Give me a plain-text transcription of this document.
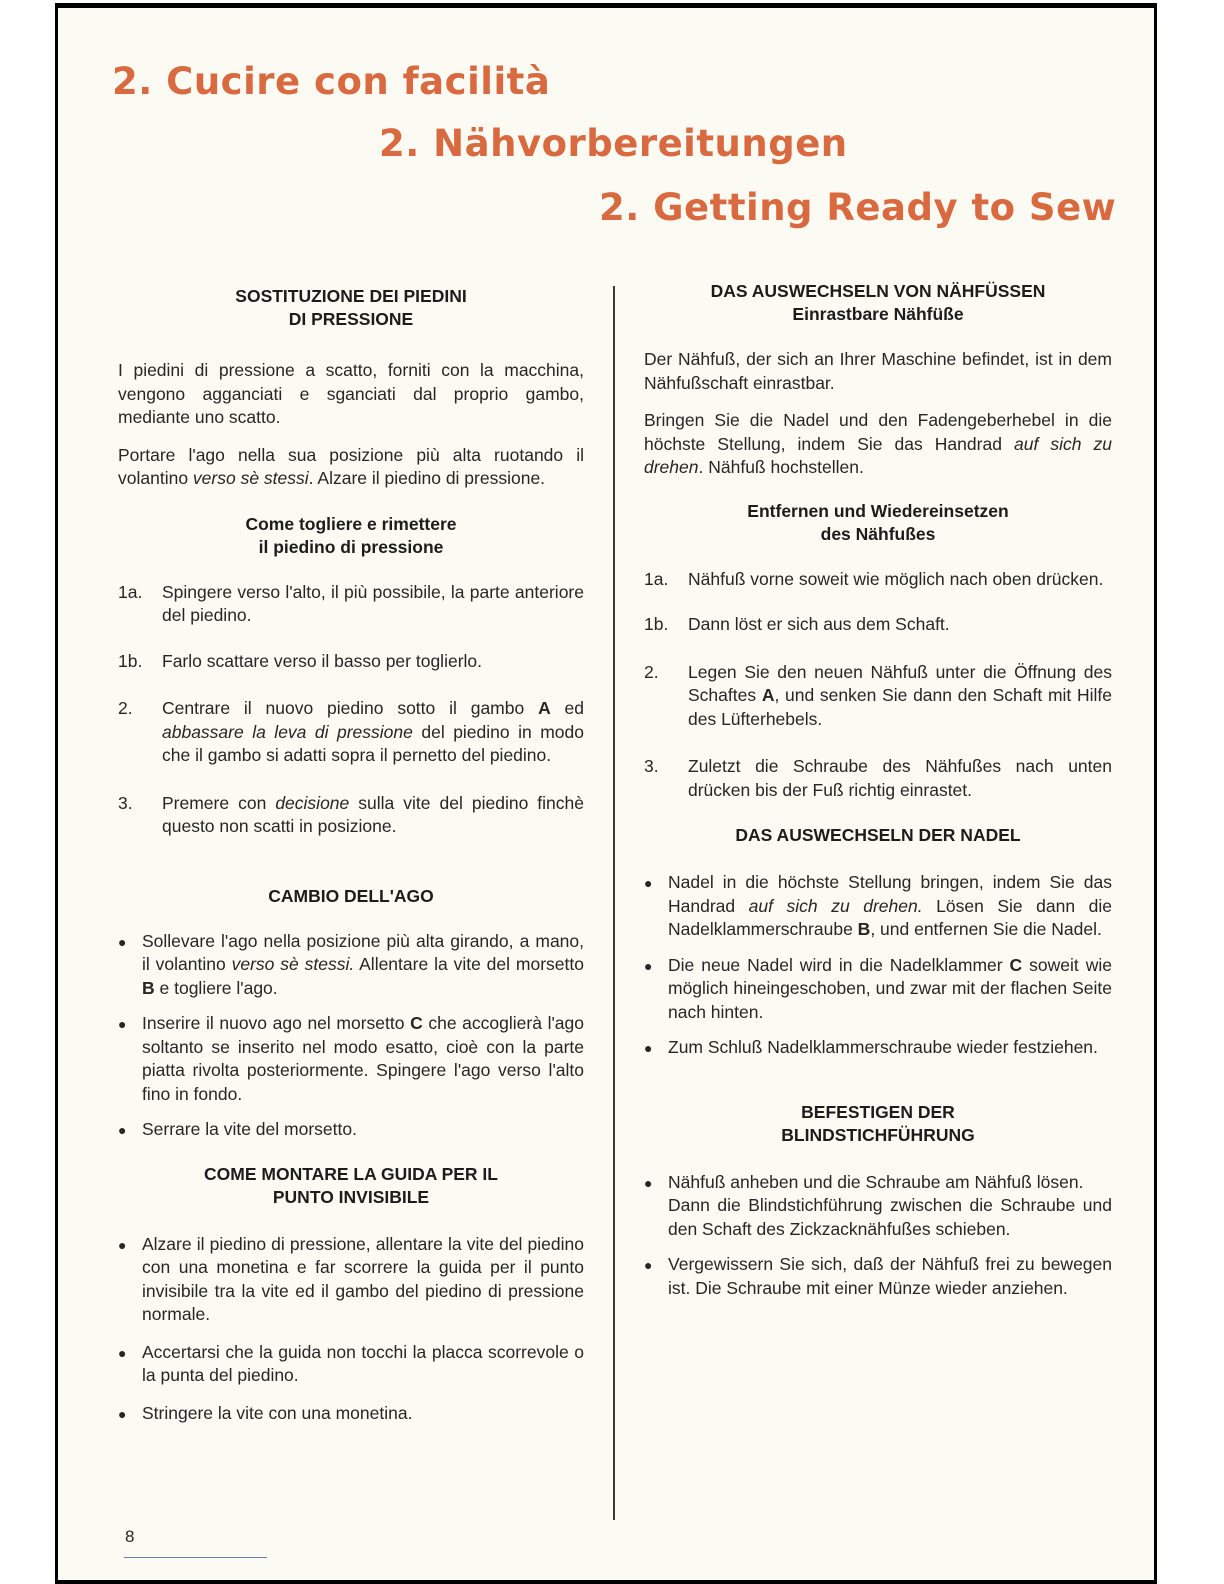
2. Cucire con facilità
2. Nähvorbereitungen
2. Getting Ready to Sew
SOSTITUZIONE DEI PIEDINI
DI PRESSIONE

I piedini di pressione a scatto, forniti con la macchina, vengono agganciati e sganciati dal proprio gambo, mediante uno scatto.

Portare l'ago nella sua posizione più alta ruotando il volantino verso sè stessi. Alzare il piedino di pressione.

Come togliere e rimettere
il piedino di pressione
1a.	Spingere verso l'alto, il più possibile, la parte anteriore del piedino.
1b.	Farlo scattare verso il basso per toglierlo.
2.	Centrare il nuovo piedino sotto il gambo A ed abbassare la leva di pressione del piedino in modo che il gambo si adatti sopra il pernetto del piedino.
3.	Premere con decisione sulla vite del piedino finchè questo non scatti in posizione.
CAMBIO DELL'AGO
● Sollevare l'ago nella posizione più alta girando, a mano, il volantino verso sè stessi. Allentare la vite del morsetto B e togliere l'ago.
● Inserire il nuovo ago nel morsetto C che accoglierà l'ago soltanto se inserito nel modo esatto, cioè con la parte piatta rivolta posteriormente. Spingere l'ago verso l'alto fino in fondo.
● Serrare la vite del morsetto.
COME MONTARE LA GUIDA PER IL
PUNTO INVISIBILE
● Alzare il piedino di pressione, allentare la vite del piedino con una monetina e far scorrere la guida per il punto invisibile tra la vite ed il gambo del piedino di pressione normale.
● Accertarsi che la guida non tocchi la placca scorrevole o la punta del piedino.
● Stringere la vite con una monetina.
DAS AUSWECHSELN VON NÄHFÜSSEN
Einrastbare Nähfüße

Der Nähfuß, der sich an Ihrer Maschine befindet, ist in dem Nähfußschaft einrastbar.

Bringen Sie die Nadel und den Fadengeberhebel in die höchste Stellung, indem Sie das Handrad auf sich zu drehen. Nähfuß hochstellen.

Entfernen und Wiedereinsetzen
des Nähfußes
1a.	Nähfuß vorne soweit wie möglich nach oben drücken.
1b.	Dann löst er sich aus dem Schaft.
2.	Legen Sie den neuen Nähfuß unter die Öffnung des Schaftes A, und senken Sie dann den Schaft mit Hilfe des Lüfterhebels.
3.	Zuletzt die Schraube des Nähfußes nach unten drücken bis der Fuß richtig einrastet.
DAS AUSWECHSELN DER NADEL
● Nadel in die höchste Stellung bringen, indem Sie das Handrad auf sich zu drehen. Lösen Sie dann die Nadelklammerschraube B, und entfernen Sie die Nadel.
● Die neue Nadel wird in die Nadelklammer C soweit wie möglich hineingeschoben, und zwar mit der flachen Seite nach hinten.
● Zum Schluß Nadelklammerschraube wieder festziehen.
BEFESTIGEN DER
BLINDSTICHFÜHRUNG
● Nähfuß anheben und die Schraube am Nähfuß lösen.
Dann die Blindstichführung zwischen die Schraube und den Schaft des Zickzacknähfußes schieben.
● Vergewissern Sie sich, daß der Nähfuß frei zu bewegen ist. Die Schraube mit einer Münze wieder anziehen.
8
